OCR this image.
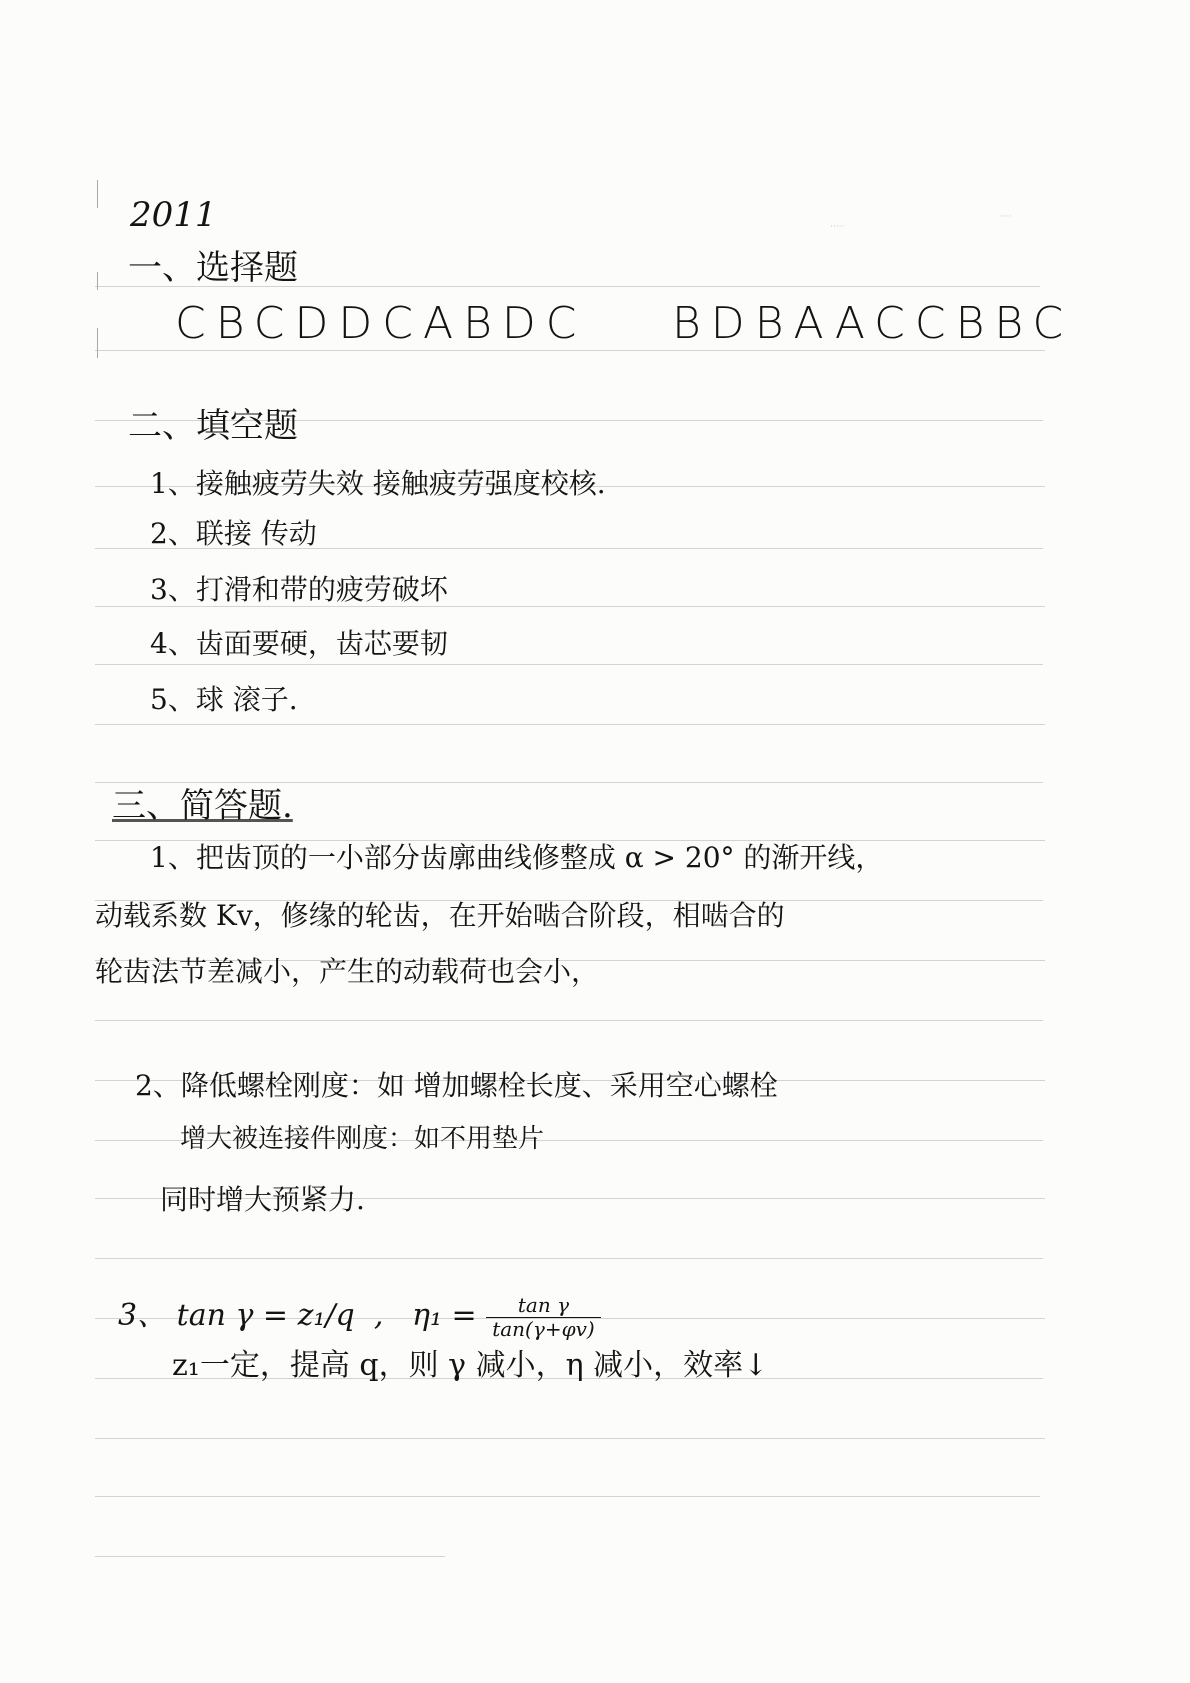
·····
····
2011
一、选择题
CBCDDCABDC BDBAACCBBC
二、填空题
1、接触疲劳失效 接触疲劳强度校核.
2、联接 传动
3、打滑和带的疲劳破坏
4、齿面要硬，齿芯要韧
5、球 滚子.
三、简答题.
1、把齿顶的一小部分齿廓曲线修整成 α > 20° 的渐开线，
动载系数 Kv，修缘的轮齿，在开始啮合阶段，相啮合的
轮齿法节差减小，产生的动载荷也会小，
2、降低螺栓刚度：如 增加螺栓长度、采用空心螺栓
增大被连接件刚度：如不用垫片
同时增大预紧力.
3、 tan γ = z₁/q  ,   $\eta_1 = \frac{\text{tan γ}}{\tan(\gamma+\varphi v)}$
z₁一定，提高 q，则 γ 减小，η 减小，效率↓
